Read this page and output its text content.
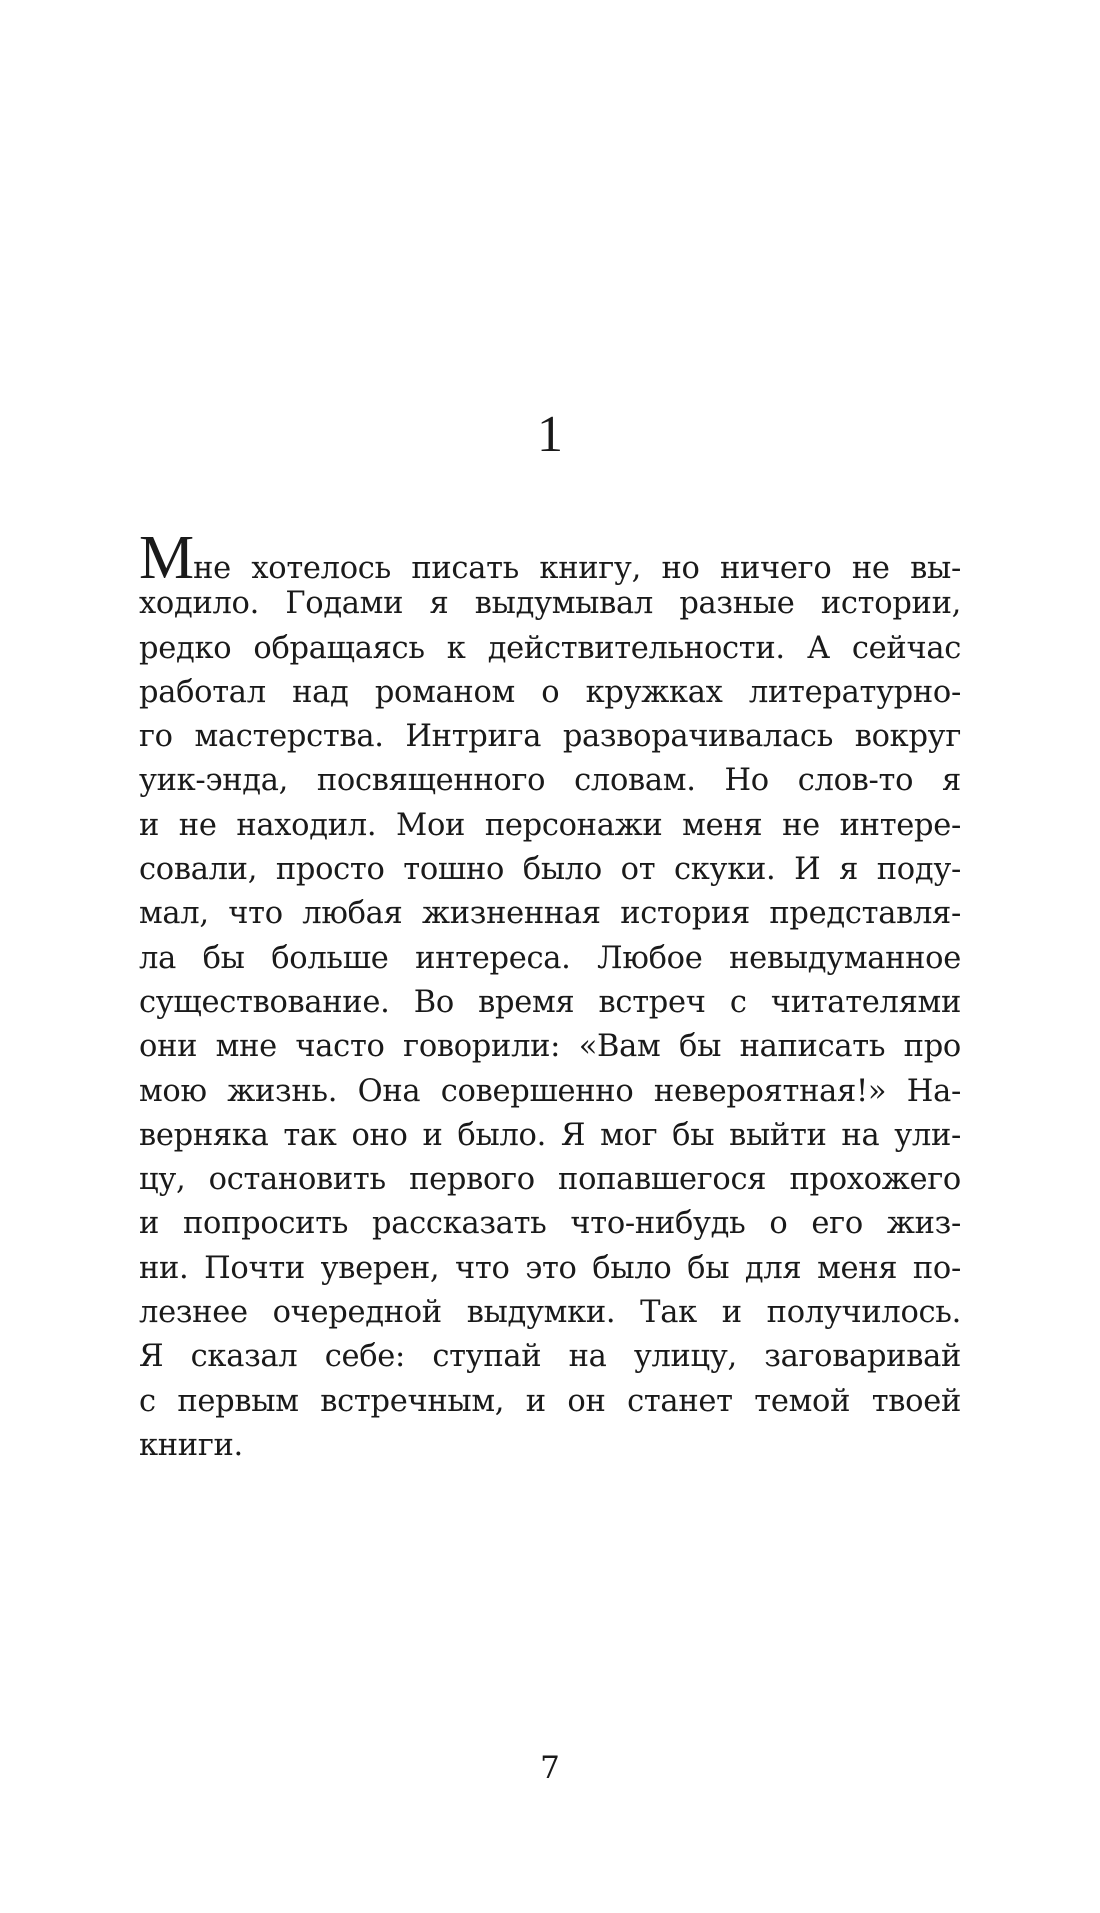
1
Мне хотелось писать книгу, но ничего не вы-
ходило. Годами я выдумывал разные истории,
редко обращаясь к действительности. А сейчас
работал над романом о кружках литературно-
го мастерства. Интрига разворачивалась вокруг
уик-энда, посвященного словам. Но слов-то я
и не находил. Мои персонажи меня не интере-
совали, просто тошно было от скуки. И я поду-
мал, что любая жизненная история представля-
ла бы больше интереса. Любое невыдуманное
существование. Во время встреч с читателями
они мне часто говорили: «Вам бы написать про
мою жизнь. Она совершенно невероятная!» На-
верняка так оно и было. Я мог бы выйти на ули-
цу, остановить первого попавшегося прохожего
и попросить рассказать что-нибудь о его жиз-
ни. Почти уверен, что это было бы для меня по-
лезнее очередной выдумки. Так и получилось.
Я сказал себе: ступай на улицу, заговаривай
с первым встречным, и он станет темой твоей
книги.
7
